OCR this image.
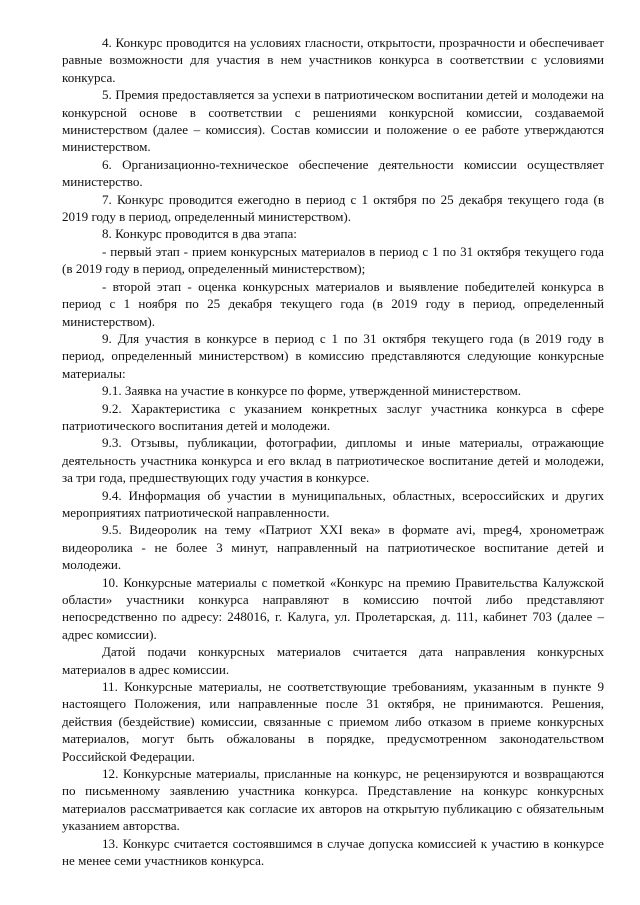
4. Конкурс проводится на условиях гласности, открытости, прозрачности и обеспечивает равные возможности для участия в нем участников конкурса в соответствии с условиями конкурса.

5. Премия предоставляется за успехи в патриотическом воспитании детей и молодежи на конкурсной основе в соответствии с решениями конкурсной комиссии, создаваемой министерством (далее – комиссия). Состав комиссии и положение о ее работе утверждаются министерством.

6. Организационно-техническое обеспечение деятельности комиссии осуществляет министерство.

7. Конкурс проводится ежегодно в период с 1 октября по 25 декабря текущего года (в 2019 году в период, определенный министерством).

8. Конкурс проводится в два этапа:

- первый этап - прием конкурсных материалов в период с 1 по 31 октября текущего года (в 2019 году в период, определенный министерством);

- второй этап - оценка конкурсных материалов и выявление победителей конкурса в период с 1 ноября по 25 декабря текущего года (в 2019 году в период, определенный министерством).

9. Для участия в конкурсе в период с 1 по 31 октября текущего года (в 2019 году в период, определенный министерством) в комиссию представляются следующие конкурсные материалы:

9.1. Заявка на участие в конкурсе по форме, утвержденной министерством.

9.2. Характеристика с указанием конкретных заслуг участника конкурса в сфере патриотического воспитания детей и молодежи.

9.3. Отзывы, публикации, фотографии, дипломы и иные материалы, отражающие деятельность участника конкурса и его вклад в патриотическое воспитание детей и молодежи, за три года, предшествующих году участия в конкурсе.

9.4. Информация об участии в муниципальных, областных, всероссийских и других мероприятиях патриотической направленности.

9.5. Видеоролик на тему «Патриот XXI века» в формате avi, mpeg4, хронометраж видеоролика - не более 3 минут, направленный на патриотическое воспитание детей и молодежи.

10. Конкурсные материалы с пометкой «Конкурс на премию Правительства Калужской области» участники конкурса направляют в комиссию почтой либо представляют непосредственно по адресу: 248016, г. Калуга, ул. Пролетарская, д. 111, кабинет 703 (далее – адрес комиссии).

Датой подачи конкурсных материалов считается дата направления конкурсных материалов в адрес комиссии.

11. Конкурсные материалы, не соответствующие требованиям, указанным в пункте 9 настоящего Положения, или направленные после 31 октября, не принимаются. Решения, действия (бездействие) комиссии, связанные с приемом либо отказом в приеме конкурсных материалов, могут быть обжалованы в порядке, предусмотренном законодательством Российской Федерации.

12. Конкурсные материалы, присланные на конкурс, не рецензируются и возвращаются по письменному заявлению участника конкурса. Представление на конкурс конкурсных материалов рассматривается как согласие их авторов на открытую публикацию с обязательным указанием авторства.

13. Конкурс считается состоявшимся в случае допуска комиссией к участию в конкурсе не менее семи участников конкурса.
